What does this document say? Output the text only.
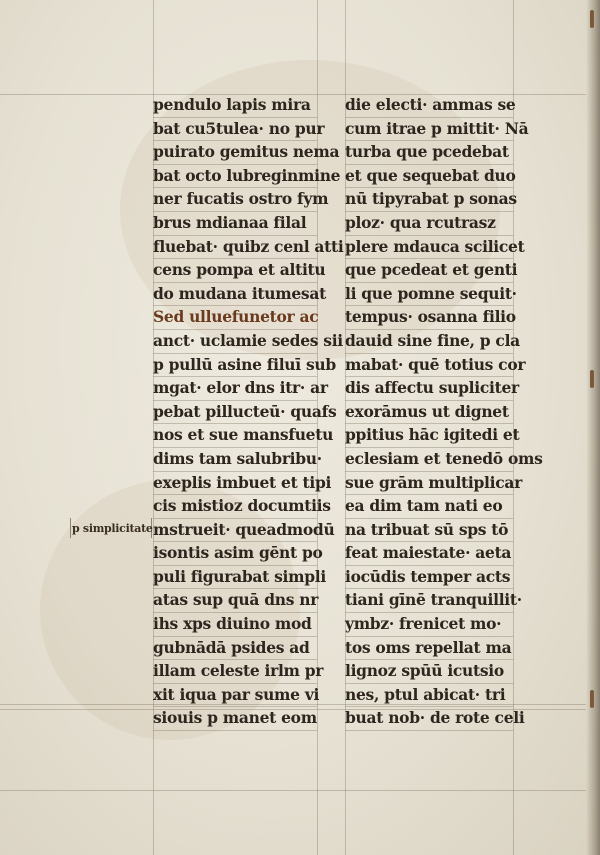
pendulo lapis mira
bat cu5tulea· no pur
puirato gemitus nema
bat octo lubreginmine
ner fucatis ostro fym
brus mdianaa filal
fluebat· quibz cenl atti
cens pompa et altitu
do mudana itumesat
Sed ulluefunetor ac
anct· uclamie sedes sii
p pullū asine filuī sub
mgat· elor dns itr· ar
pebat pillucteū· quafs
nos et sue mansfuetu
dims tam salubribu·
exeplis imbuet et tipi
cis mistioz documtiis
mstrueit· queadmodū
isontis asim gēnt po
puli figurabat simpli
atas sup quā dns nr
ihs xps diuino mod
gubnādā psides ad
illam celeste irlm pr
xit iqua par sume vi
siouis p manet eom
die electi· ammas se
cum itrae p mittit· Nā
turba que pcedebat
et que sequebat duo
nū tipyrabat p sonas
ploz· qua rcutrasz
plere mdauca scilicet
que pcedeat et genti
li que pomne sequit·
tempus· osanna filio
dauid sine fine, p cla
mabat· quē totius cor
dis affectu supliciter
exorāmus ut dignet
ppitius hāc igitedi et
eclesiam et tenedō oms
sue grām multiplicar
ea dim tam nati eo
na tribuat sū sps tō
feat maiestate· aeta
iocūdis temper acts
tiani gīnē tranquillit·
ymbz· frenicet mo·
tos oms repellat ma
lignoz spūū icutsio
nes, ptul abicat· tri
buat nob· de rote celi
p simplicitate
